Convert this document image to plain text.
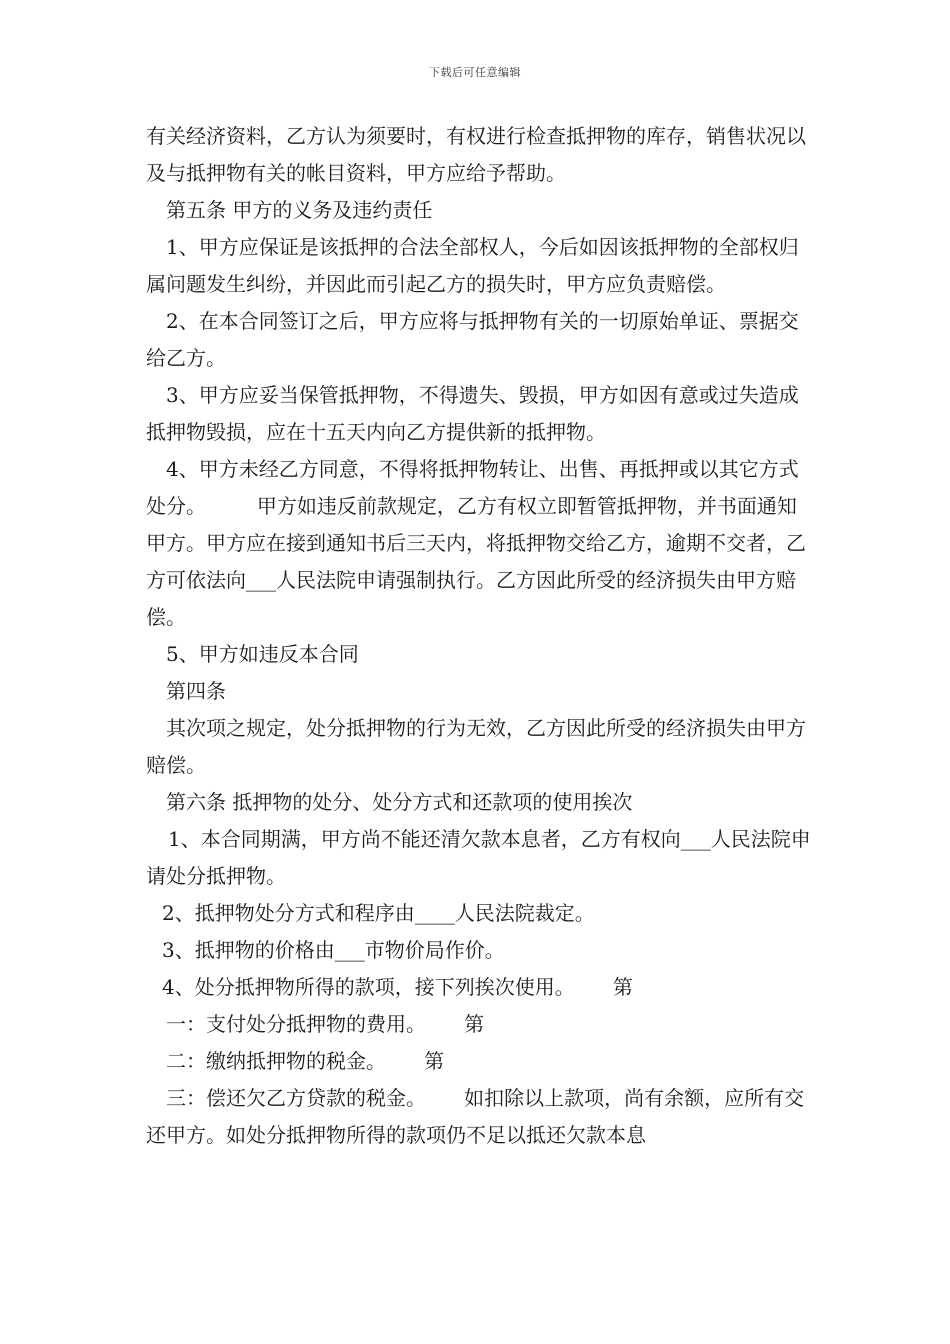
下载后可任意编辑

有关经济资料，乙方认为须要时，有权进行检查抵押物的库存，销售状况以及与抵押物有关的帐目资料，甲方应给予帮助。

第五条 甲方的义务及违约责任

1、甲方应保证是该抵押的合法全部权人，今后如因该抵押物的全部权归属问题发生纠纷，并因此而引起乙方的损失时，甲方应负责赔偿。

2、在本合同签订之后，甲方应将与抵押物有关的一切原始单证、票据交给乙方。

3、甲方应妥当保管抵押物，不得遗失、毁损，甲方如因有意或过失造成抵押物毁损，应在十五天内向乙方提供新的抵押物。

4、甲方未经乙方同意，不得将抵押物转让、出售、再抵押或以其它方式处分。        甲方如违反前款规定，乙方有权立即暂管抵押物，并书面通知甲方。甲方应在接到通知书后三天内，将抵押物交给乙方，逾期不交者，乙方可依法向___人民法院申请强制执行。乙方因此所受的经济损失由甲方赔偿。

5、甲方如违反本合同

第四条

其次项之规定，处分抵押物的行为无效，乙方因此所受的经济损失由甲方赔偿。

第六条 抵押物的处分、处分方式和还款项的使用挨次

1、本合同期满，甲方尚不能还清欠款本息者，乙方有权向___人民法院申请处分抵押物。

2、抵押物处分方式和程序由____人民法院裁定。

3、抵押物的价格由___市物价局作价。

4、处分抵押物所得的款项，接下列挨次使用。      第

一：支付处分抵押物的费用。      第

二：缴纳抵押物的税金。      第

三：偿还欠乙方贷款的税金。      如扣除以上款项，尚有余额，应所有交还甲方。如处分抵押物所得的款项仍不足以抵还欠款本息
